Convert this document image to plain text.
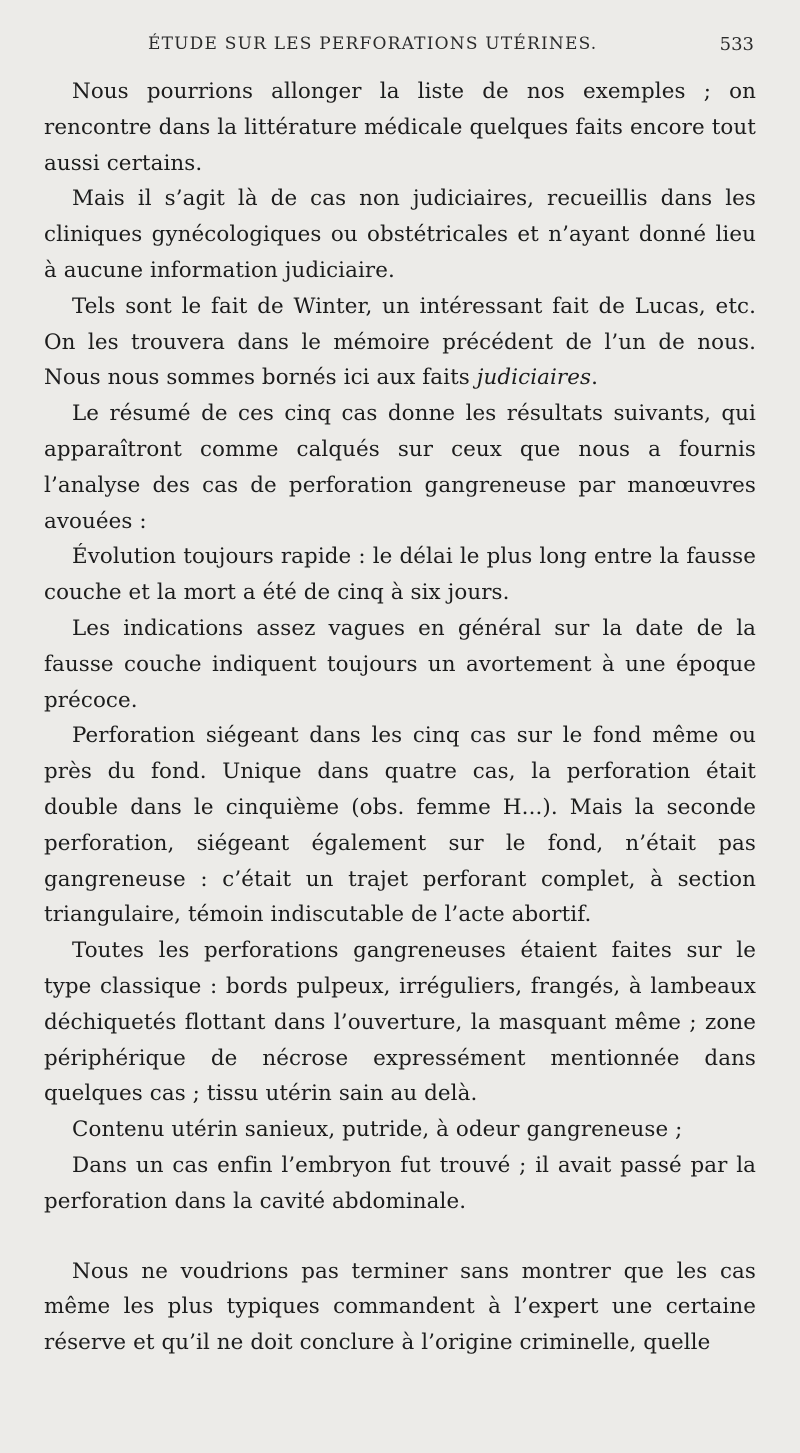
ÉTUDE SUR LES PERFORATIONS UTÉRINES.	533

Nous pourrions allonger la liste de nos exemples ; on rencontre dans la littérature médicale quelques faits encore tout aussi certains.

Mais il s’agit là de cas non judiciaires, recueillis dans les cliniques gynécologiques ou obstétricales et n’ayant donné lieu à aucune information judiciaire.

Tels sont le fait de Winter, un intéressant fait de Lucas, etc. On les trouvera dans le mémoire précédent de l’un de nous. Nous nous sommes bornés ici aux faits judiciaires.

Le résumé de ces cinq cas donne les résultats suivants, qui apparaîtront comme calqués sur ceux que nous a fournis l’analyse des cas de perforation gangreneuse par manœuvres avouées :

Évolution toujours rapide : le délai le plus long entre la fausse couche et la mort a été de cinq à six jours.

Les indications assez vagues en général sur la date de la fausse couche indiquent toujours un avortement à une époque précoce.

Perforation siégeant dans les cinq cas sur le fond même ou près du fond. Unique dans quatre cas, la perforation était double dans le cinquième (obs. femme H...). Mais la seconde perforation, siégeant également sur le fond, n’était pas gangreneuse : c’était un trajet perforant complet, à section triangulaire, témoin indiscutable de l’acte abortif.

Toutes les perforations gangreneuses étaient faites sur le type classique : bords pulpeux, irréguliers, frangés, à lambeaux déchiquetés flottant dans l’ouverture, la masquant même ; zone périphérique de nécrose expressément mentionnée dans quelques cas ; tissu utérin sain au delà.

Contenu utérin sanieux, putride, à odeur gangreneuse ;

Dans un cas enfin l’embryon fut trouvé ; il avait passé par la perforation dans la cavité abdominale.

Nous ne voudrions pas terminer sans montrer que les cas même les plus typiques commandent à l’expert une certaine réserve et qu’il ne doit conclure à l’origine criminelle, quelle
